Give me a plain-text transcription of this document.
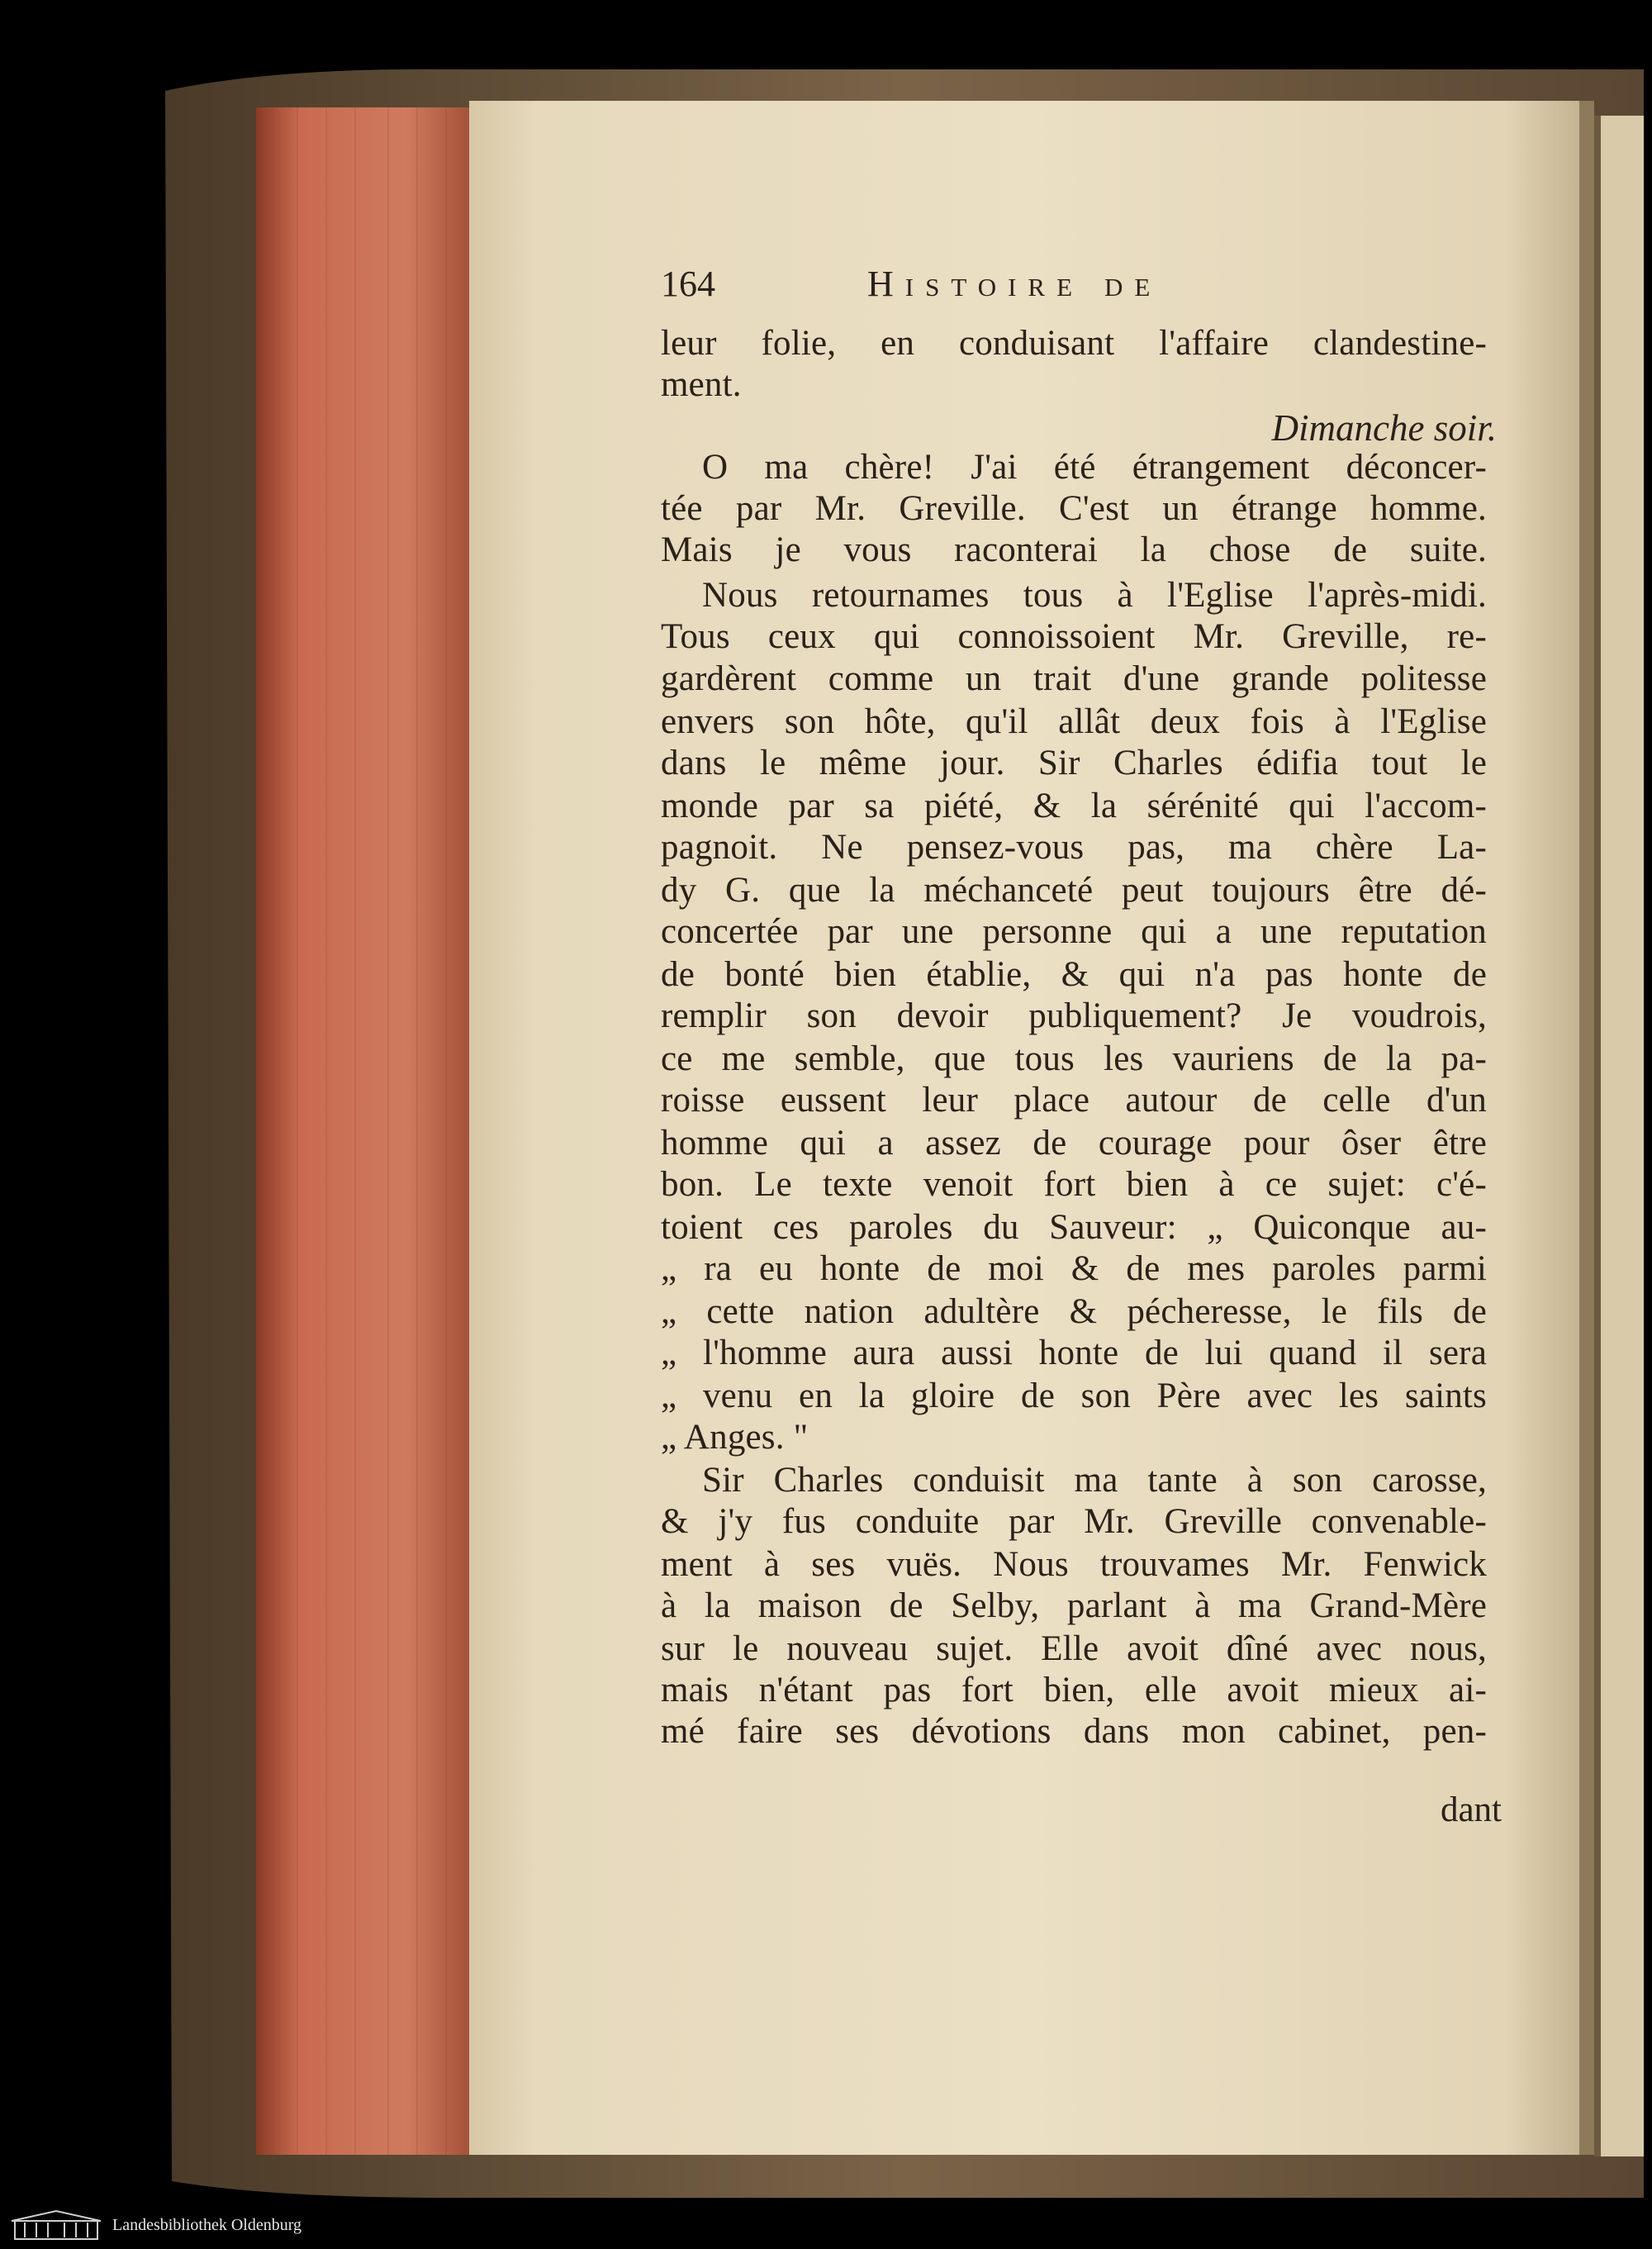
164	Histoire de
leur folie, en conduisant l'affaire clandestine-
ment.
O ma chère! J'ai été étrangement déconcer-
tée par Mr. Greville. C'est un étrange homme.
Mais je vous raconterai la chose de suite.
Nous retournames tous à l'Eglise l'après-midi.
Tous ceux qui connoissoient Mr. Greville, re-
gardèrent comme un trait d'une grande politesse
envers son hôte, qu'il allât deux fois à l'Eglise
dans le même jour. Sir Charles édifia tout le
monde par sa piété, & la sérénité qui l'accom-
pagnoit. Ne pensez-vous pas, ma chère La-
dy G. que la méchanceté peut toujours être dé-
concertée par une personne qui a une reputation
de bonté bien établie, & qui n'a pas honte de
remplir son devoir publiquement? Je voudrois,
ce me semble, que tous les vauriens de la pa-
roisse eussent leur place autour de celle d'un
homme qui a assez de courage pour ôser être
bon. Le texte venoit fort bien à ce sujet: c'é-
toient ces paroles du Sauveur: „ Quiconque au-
„ ra eu honte de moi & de mes paroles parmi
„ cette nation adultère & pécheresse, le fils de
„ l'homme aura aussi honte de lui quand il sera
„ venu en la gloire de son Père avec les saints
„ Anges. "
Sir Charles conduisit ma tante à son carosse,
& j'y fus conduite par Mr. Greville convenable-
ment à ses vuës. Nous trouvames Mr. Fenwick
à la maison de Selby, parlant à ma Grand-Mère
sur le nouveau sujet. Elle avoit dîné avec nous,
mais n'étant pas fort bien, elle avoit mieux ai-
mé faire ses dévotions dans mon cabinet, pen-
Dimanche soir.
dant
Landesbibliothek Oldenburg
